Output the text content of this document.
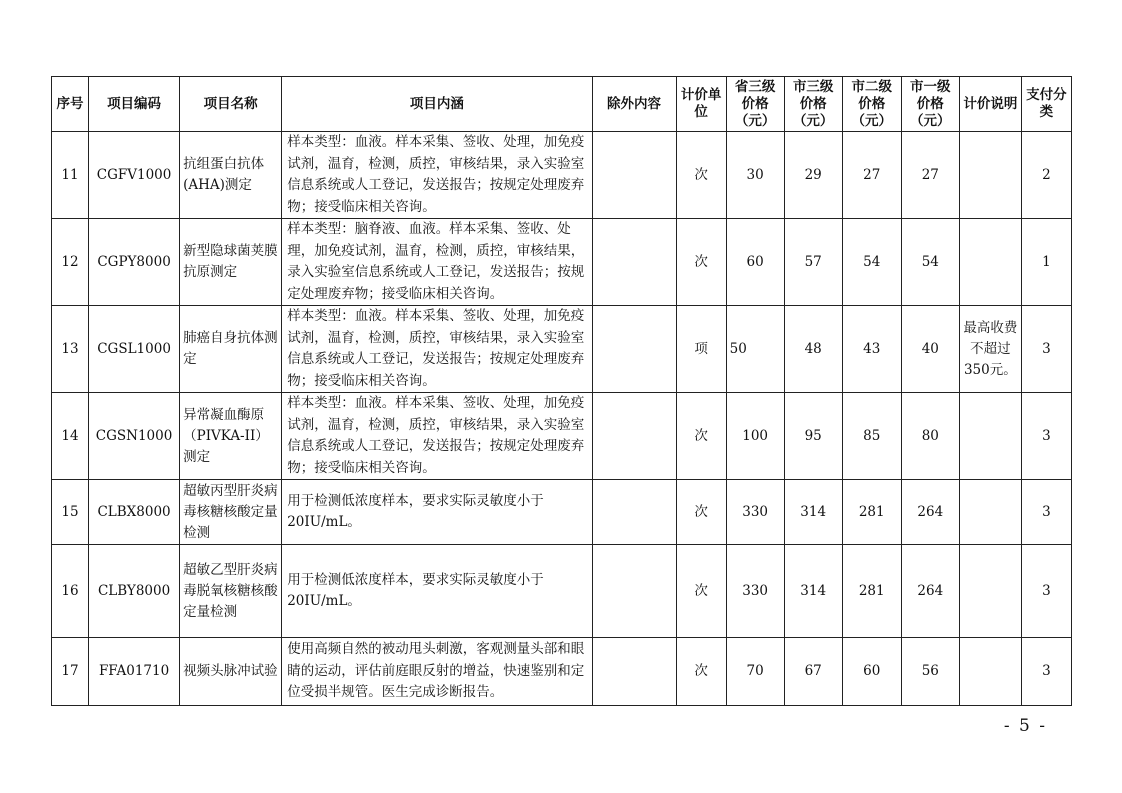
序号	项目编码	项目名称	项目内涵	除外内容	计价单位	省三级价格（元）	市三级价格（元）	市二级价格（元）	市一级价格（元）	计价说明	支付分类
11	CGFV1000	抗组蛋白抗体(AHA)测定	样本类型：血液。样本采集、签收、处理，加免疫试剂，温育，检测，质控，审核结果，录入实验室信息系统或人工登记，发送报告；按规定处理废弃物；接受临床相关咨询。		次	30	29	27	27		2
12	CGPY8000	新型隐球菌荚膜抗原测定	样本类型：脑脊液、血液。样本采集、签收、处理，加免疫试剂，温育，检测，质控，审核结果，录入实验室信息系统或人工登记，发送报告；按规定处理废弃物；接受临床相关咨询。		次	60	57	54	54		1
13	CGSL1000	肺癌自身抗体测定	样本类型：血液。样本采集、签收、处理，加免疫试剂，温育，检测，质控，审核结果，录入实验室信息系统或人工登记，发送报告；按规定处理废弃物；接受临床相关咨询。		项	50	48	43	40	最高收费不超过350元。	3
14	CGSN1000	异常凝血酶原（PIVKA-II）测定	样本类型：血液。样本采集、签收、处理，加免疫试剂，温育，检测，质控，审核结果，录入实验室信息系统或人工登记，发送报告；按规定处理废弃物；接受临床相关咨询。		次	100	95	85	80		3
15	CLBX8000	超敏丙型肝炎病毒核糖核酸定量检测	用于检测低浓度样本，要求实际灵敏度小于20IU/mL。		次	330	314	281	264		3
16	CLBY8000	超敏乙型肝炎病毒脱氧核糖核酸定量检测	用于检测低浓度样本，要求实际灵敏度小于20IU/mL。		次	330	314	281	264		3
17	FFA01710	视频头脉冲试验	使用高频自然的被动甩头刺激，客观测量头部和眼睛的运动，评估前庭眼反射的增益，快速鉴别和定位受损半规管。医生完成诊断报告。		次	70	67	60	56		3
- 5 -
